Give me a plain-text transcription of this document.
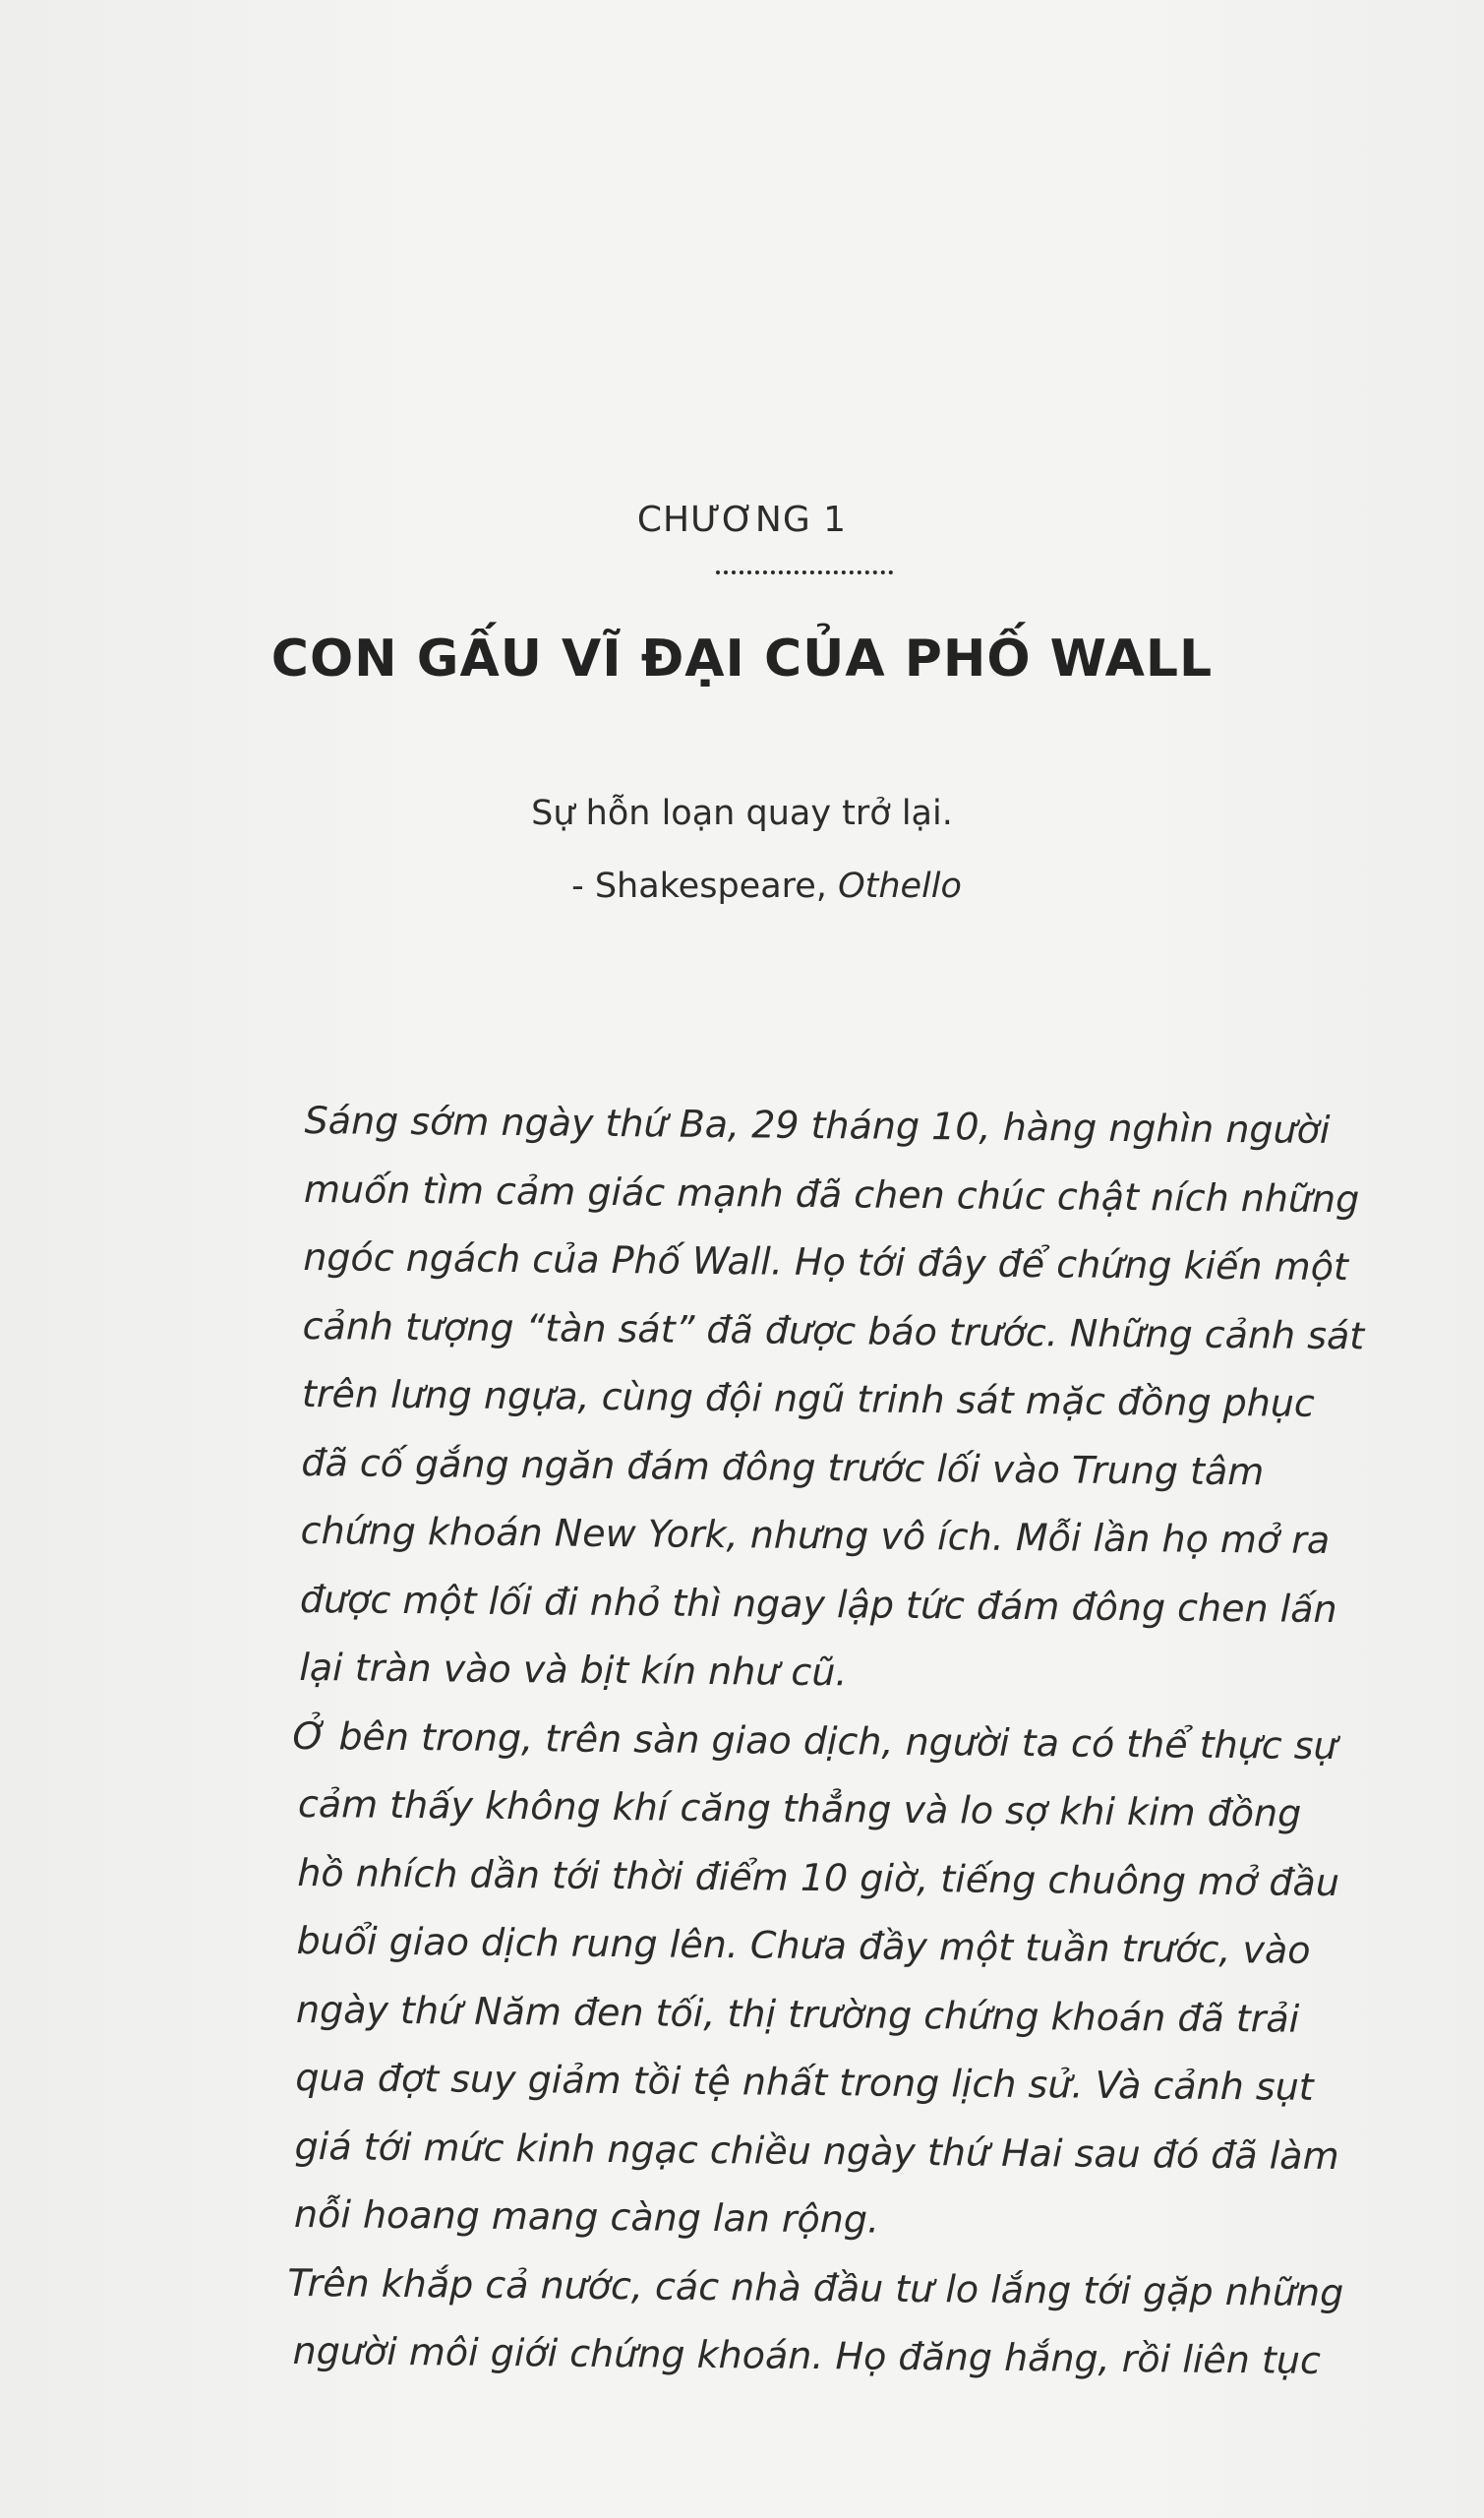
CHƯƠNG 1
CON GẤU VĨ ĐẠI CỦA PHỐ WALL
Sự hỗn loạn quay trở lại.
- Shakespeare, Othello
Sáng sớm ngày thứ Ba, 29 tháng 10, hàng nghìn người
muốn tìm cảm giác mạnh đã chen chúc chật ních những
ngóc ngách của Phố Wall. Họ tới đây để chứng kiến một
cảnh tượng “tàn sát” đã được báo trước. Những cảnh sát
trên lưng ngựa, cùng đội ngũ trinh sát mặc đồng phục
đã cố gắng ngăn đám đông trước lối vào Trung tâm
chứng khoán New York, nhưng vô ích. Mỗi lần họ mở ra
được một lối đi nhỏ thì ngay lập tức đám đông chen lấn
lại tràn vào và bịt kín như cũ.
Ở bên trong, trên sàn giao dịch, người ta có thể thực sự
cảm thấy không khí căng thẳng và lo sợ khi kim đồng
hồ nhích dần tới thời điểm 10 giờ, tiếng chuông mở đầu
buổi giao dịch rung lên. Chưa đầy một tuần trước, vào
ngày thứ Năm đen tối, thị trường chứng khoán đã trải
qua đợt suy giảm tồi tệ nhất trong lịch sử. Và cảnh sụt
giá tới mức kinh ngạc chiều ngày thứ Hai sau đó đã làm
nỗi hoang mang càng lan rộng.
Trên khắp cả nước, các nhà đầu tư lo lắng tới gặp những
người môi giới chứng khoán. Họ đăng hắng, rồi liên tục
